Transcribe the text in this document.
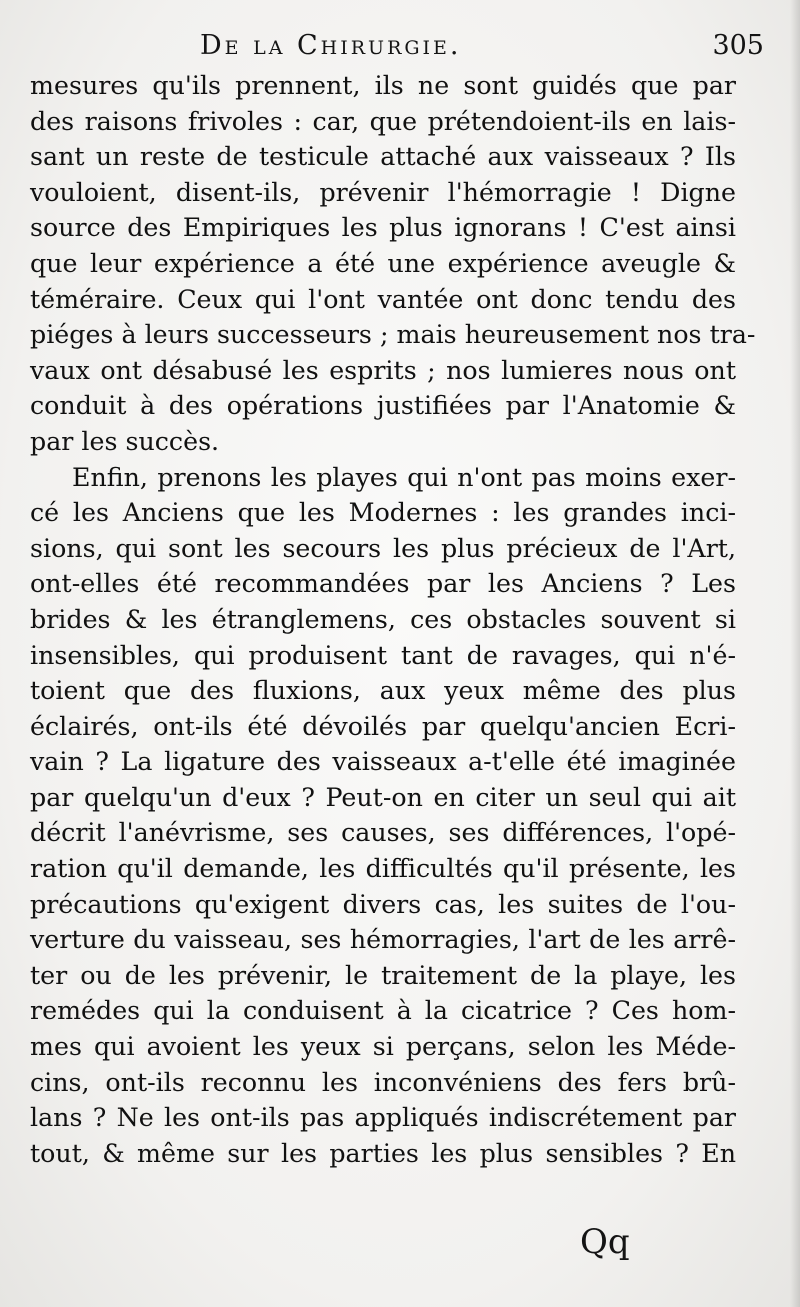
De la Chirurgie.	305
mesures qu'ils prennent, ils ne sont guidés que par
des raisons frivoles : car, que prétendoient-ils en lais-
sant un reste de testicule attaché aux vaisseaux ? Ils
vouloient, disent-ils, prévenir l'hémorragie ! Digne
source des Empiriques les plus ignorans ! C'est ainsi
que leur expérience a été une expérience aveugle &
téméraire. Ceux qui l'ont vantée ont donc tendu des
piéges à leurs successeurs ; mais heureusement nos tra-
vaux ont désabusé les esprits ; nos lumieres nous ont
conduit à des opérations justifiées par l'Anatomie &
par les succès.
Enfin, prenons les playes qui n'ont pas moins exer-
cé les Anciens que les Modernes : les grandes inci-
sions, qui sont les secours les plus précieux de l'Art,
ont-elles été recommandées par les Anciens ? Les
brides & les étranglemens, ces obstacles souvent si
insensibles, qui produisent tant de ravages, qui n'é-
toient que des fluxions, aux yeux même des plus
éclairés, ont-ils été dévoilés par quelqu'ancien Ecri-
vain ? La ligature des vaisseaux a-t'elle été imaginée
par quelqu'un d'eux ? Peut-on en citer un seul qui ait
décrit l'anévrisme, ses causes, ses différences, l'opé-
ration qu'il demande, les difficultés qu'il présente, les
précautions qu'exigent divers cas, les suites de l'ou-
verture du vaisseau, ses hémorragies, l'art de les arrê-
ter ou de les prévenir, le traitement de la playe, les
remédes qui la conduisent à la cicatrice ? Ces hom-
mes qui avoient les yeux si perçans, selon les Méde-
cins, ont-ils reconnu les inconvéniens des fers brû-
lans ? Ne les ont-ils pas appliqués indiscrétement par
tout, & même sur les parties les plus sensibles ? En
Qq
